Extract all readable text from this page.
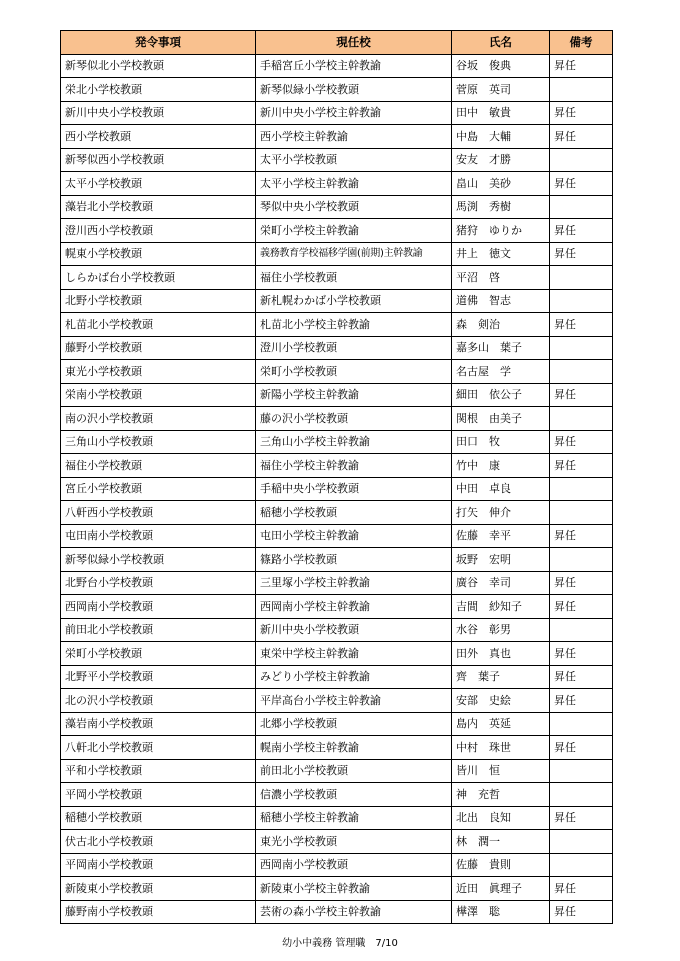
発令事項	現任校	氏名	備考
新琴似北小学校教頭	手稲宮丘小学校主幹教諭	谷坂　俊典	昇任
栄北小学校教頭	新琴似緑小学校教頭	菅原　英司	
新川中央小学校教頭	新川中央小学校主幹教諭	田中　敏貴	昇任
西小学校教頭	西小学校主幹教諭	中島　大輔	昇任
新琴似西小学校教頭	太平小学校教頭	安友　才勝	
太平小学校教頭	太平小学校主幹教諭	畠山　美砂	昇任
藻岩北小学校教頭	琴似中央小学校教頭	馬渕　秀樹	
澄川西小学校教頭	栄町小学校主幹教諭	猪狩　ゆりか	昇任
幌東小学校教頭	義務教育学校福移学園(前期)主幹教諭	井上　徳文	昇任
しらかば台小学校教頭	福住小学校教頭	平沼　啓	
北野小学校教頭	新札幌わかば小学校教頭	道佛　智志	
札苗北小学校教頭	札苗北小学校主幹教諭	森　剣治	昇任
藤野小学校教頭	澄川小学校教頭	嘉多山　葉子	
東光小学校教頭	栄町小学校教頭	名古屋　学	
栄南小学校教頭	新陽小学校主幹教諭	細田　依公子	昇任
南の沢小学校教頭	藤の沢小学校教頭	関根　由美子	
三角山小学校教頭	三角山小学校主幹教諭	田口　牧	昇任
福住小学校教頭	福住小学校主幹教諭	竹中　康	昇任
宮丘小学校教頭	手稲中央小学校教頭	中田　卓良	
八軒西小学校教頭	稲穂小学校教頭	打矢　伸介	
屯田南小学校教頭	屯田小学校主幹教諭	佐藤　幸平	昇任
新琴似緑小学校教頭	篠路小学校教頭	坂野　宏明	
北野台小学校教頭	三里塚小学校主幹教諭	廣谷　幸司	昇任
西岡南小学校教頭	西岡南小学校主幹教諭	吉間　紗知子	昇任
前田北小学校教頭	新川中央小学校教頭	水谷　彰男	
栄町小学校教頭	東栄中学校主幹教諭	田外　真也	昇任
北野平小学校教頭	みどり小学校主幹教諭	齊　葉子	昇任
北の沢小学校教頭	平岸高台小学校主幹教諭	安部　史絵	昇任
藻岩南小学校教頭	北郷小学校教頭	島内　英延	
八軒北小学校教頭	幌南小学校主幹教諭	中村　珠世	昇任
平和小学校教頭	前田北小学校教頭	皆川　恒	
平岡小学校教頭	信濃小学校教頭	神　充哲	
稲穂小学校教頭	稲穂小学校主幹教諭	北出　良知	昇任
伏古北小学校教頭	東光小学校教頭	林　潤一	
平岡南小学校教頭	西岡南小学校教頭	佐藤　貴則	
新陵東小学校教頭	新陵東小学校主幹教諭	近田　眞理子	昇任
藤野南小学校教頭	芸術の森小学校主幹教諭	樺澤　聡	昇任
幼小中義務 管理職　7/10
